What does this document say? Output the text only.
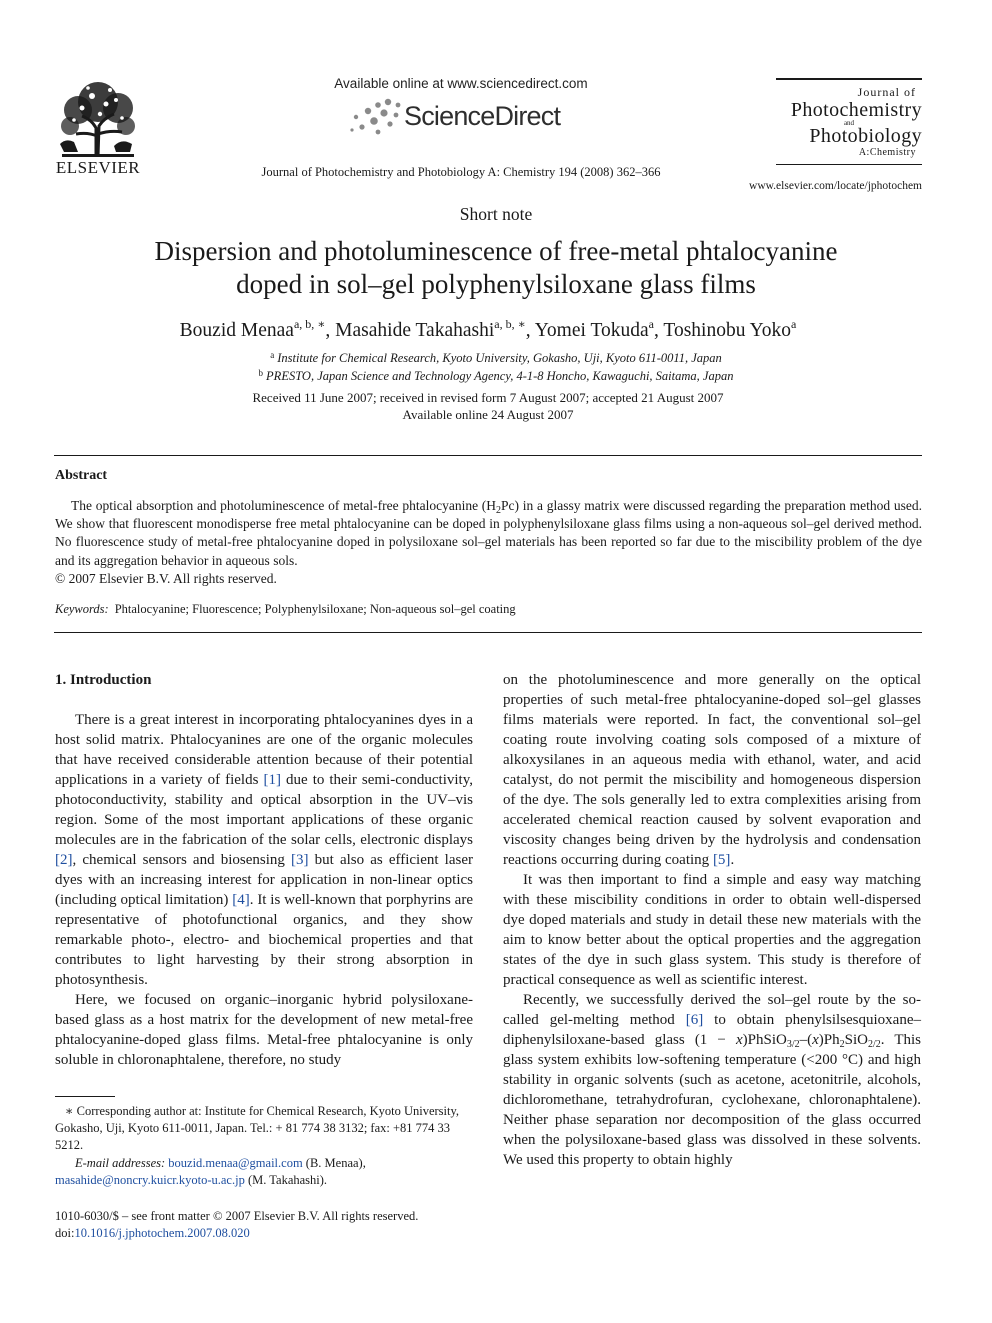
ELSEVIER
Available online at www.sciencedirect.com
ScienceDirect
Journal of Photochemistry and Photobiology A: Chemistry 194 (2008) 362–366
Journal of
Photochemistry
and
Photobiology
A:Chemistry
www.elsevier.com/locate/jphotochem
Short note
Dispersion and photoluminescence of free-metal phtalocyanine
doped in sol–gel polyphenylsiloxane glass films
Bouzid Menaa$^{a, b, ∗}$, Masahide Takahashi$^{a, b, ∗}$, Yomei Tokuda$^a$, Toshinobu Yoko$^a$
$^a$ Institute for Chemical Research, Kyoto University, Gokasho, Uji, Kyoto 611-0011, Japan
$^b$ PRESTO, Japan Science and Technology Agency, 4-1-8 Honcho, Kawaguchi, Saitama, Japan
Received 11 June 2007; received in revised form 7 August 2007; accepted 21 August 2007
Available online 24 August 2007
Abstract

The optical absorption and photoluminescence of metal-free phtalocyanine $(H_2Pc)$ in a glassy matrix were discussed regarding the preparation method used. We show that fluorescent monodisperse free metal phtalocyanine can be doped in polyphenylsiloxane glass films using a non-aqueous sol–gel derived method. No fluorescence study of metal-free phtalocyanine doped in polysiloxane sol–gel materials has been reported so far due to the miscibility problem of the dye and its aggregation behavior in aqueous sols.

© 2007 Elsevier B.V. All rights reserved.

Keywords: Phtalocyanine; Fluorescence; Polyphenylsiloxane; Non-aqueous sol–gel coating

1. Introduction

There is a great interest in incorporating phtalocyanines dyes in a host solid matrix. Phtalocyanines are one of the organic molecules that have received considerable attention because of their potential applications in a variety of fields [1] due to their semi-conductivity, photoconductivity, stability and optical absorption in the UV–vis region. Some of the most important applications of these organic molecules are in the fabrication of the solar cells, electronic displays [2], chemical sensors and biosensing [3] but also as efficient laser dyes with an increasing interest for application in non-linear optics (including optical limitation) [4]. It is well-known that porphyrins are representative of photofunctional organics, and they show remarkable photo-, electro- and biochemical properties and that contributes to light harvesting by their strong absorption in photosynthesis.

Here, we focused on organic–inorganic hybrid polysiloxane-based glass as a host matrix for the development of new metal-free phtalocyanine-doped glass films. Metal-free phtalocyanine is only soluble in chloronaphtalene, therefore, no study

on the photoluminescence and more generally on the optical properties of such metal-free phtalocyanine-doped sol–gel glasses films materials were reported. In fact, the conventional sol–gel coating route involving coating sols composed of a mixture of alkoxysilanes in an aqueous media with ethanol, water, and acid catalyst, do not permit the miscibility and homogeneous dispersion of the dye. The sols generally led to extra complexities arising from accelerated chemical reaction caused by solvent evaporation and viscosity changes being driven by the hydrolysis and condensation reactions occurring during coating [5].

It was then important to find a simple and easy way matching with these miscibility conditions in order to obtain well-dispersed dye doped materials and study in detail these new materials with the aim to know better about the optical properties and the aggregation states of the dye in such glass system. This study is therefore of practical consequence as well as scientific interest.

Recently, we successfully derived the sol–gel route by the so-called gel-melting method [6] to obtain phenylsilsesquioxane–diphenylsiloxane-based glass $(1 - x)PhSiO_{3/2}-(x)Ph_2SiO_{2/2}$. This glass system exhibits low-softening temperature (<200 °C) and high stability in organic solvents (such as acetone, acetonitrile, alcohols, dichloromethane, tetrahydrofuran, cyclohexane, chloronaphtalene). Neither phase separation nor decomposition of the glass occurred when the polysiloxane-based glass was dissolved in these solvents. We used this property to obtain highly

∗ Corresponding author at: Institute for Chemical Research, Kyoto University, Gokasho, Uji, Kyoto 611-0011, Japan. Tel.: + 81 774 38 3132; fax: +81 774 33 5212.

E-mail addresses: bouzid.menaa@gmail.com (B. Menaa), masahide@noncry.kuicr.kyoto-u.ac.jp (M. Takahashi).

1010-6030/$ – see front matter © 2007 Elsevier B.V. All rights reserved.

doi:10.1016/j.jphotochem.2007.08.020
